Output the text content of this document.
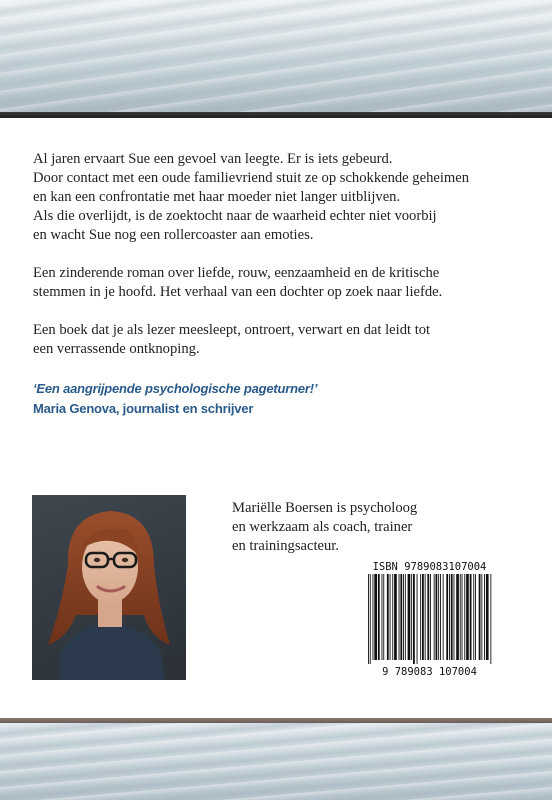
Al jaren ervaart Sue een gevoel van leegte. Er is iets gebeurd.
Door contact met een oude familievriend stuit ze op schokkende geheimen
en kan een confrontatie met haar moeder niet langer uitblijven.
Als die overlijdt, is de zoektocht naar de waarheid echter niet voorbij
en wacht Sue nog een rollercoaster aan emoties.

Een zinderende roman over liefde, rouw, eenzaamheid en de kritische
stemmen in je hoofd. Het verhaal van een dochter op zoek naar liefde.

Een boek dat je als lezer meesleept, ontroert, verwart en dat leidt tot
een verrassende ontknoping.

‘Een aangrijpende psychologische pageturner!’
Maria Genova, journalist en schrijver
Mariëlle Boersen is psycholoog
en werkzaam als coach, trainer
en trainingsacteur.
ISBN 9789083107004
9 789083 107004
